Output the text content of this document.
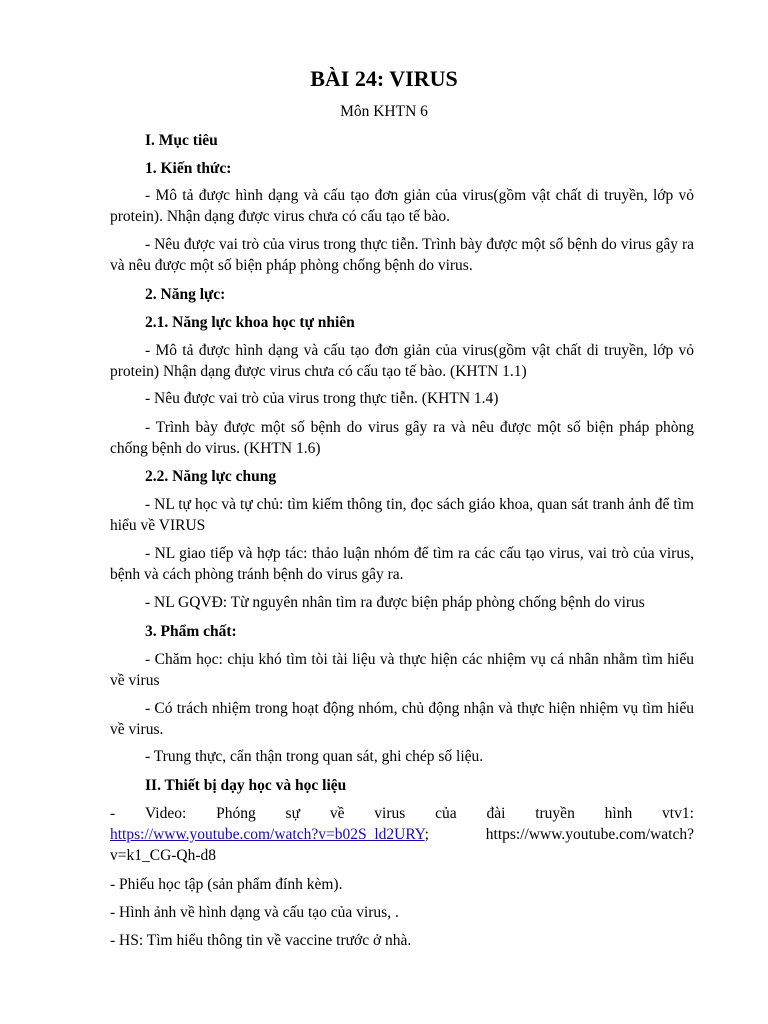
BÀI 24: VIRUS
Môn KHTN 6

I. Mục tiêu

1. Kiến thức:

- Mô tả được hình dạng và cấu tạo đơn giản của virus(gồm vật chất di truyền, lớp vỏ protein). Nhận dạng được virus chưa có cấu tạo tế bào.

- Nêu được vai trò của virus trong thực tiễn. Trình bày được một số bệnh do virus gây ra và nêu được một số biện pháp phòng chống bệnh do virus.

2. Năng lực:

2.1. Năng lực khoa học tự nhiên

- Mô tả được hình dạng và cấu tạo đơn giản của virus(gồm vật chất di truyền, lớp vỏ protein) Nhận dạng được virus chưa có cấu tạo tế bào. (KHTN 1.1)

- Nêu được vai trò của virus trong thực tiễn. (KHTN 1.4)

- Trình bày được một số bệnh do virus gây ra và nêu được một số biện pháp phòng chống bệnh do virus. (KHTN 1.6)

2.2. Năng lực chung

- NL tự học và tự chủ: tìm kiếm thông tin, đọc sách giáo khoa, quan sát tranh ảnh để tìm hiểu về VIRUS

- NL giao tiếp và hợp tác: thảo luận nhóm để tìm ra các cấu tạo virus, vai trò của virus, bệnh và cách phòng tránh bệnh do virus gây ra.

- NL GQVĐ: Từ nguyên nhân tìm ra được biện pháp phòng chống bệnh do virus

3. Phẩm chất:

- Chăm học: chịu khó tìm tòi tài liệu và thực hiện các nhiệm vụ cá nhân nhằm tìm hiểu về virus

- Có trách nhiệm trong hoạt động nhóm, chủ động nhận và thực hiện nhiệm vụ tìm hiểu về virus.

- Trung thực, cẩn thận trong quan sát, ghi chép số liệu.

II. Thiết bị dạy học và học liệu

- Video: Phóng sự về virus của đài truyền hình vtv1:
https://www.youtube.com/watch?v=b02S_ld2URY;	https://www.youtube.com/watch?
v=k1_CG-Qh-d8

- Phiếu học tập (sản phẩm đính kèm).

- Hình ảnh về hình dạng và cấu tạo của virus, .

- HS: Tìm hiểu thông tin về vaccine trước ở nhà.
